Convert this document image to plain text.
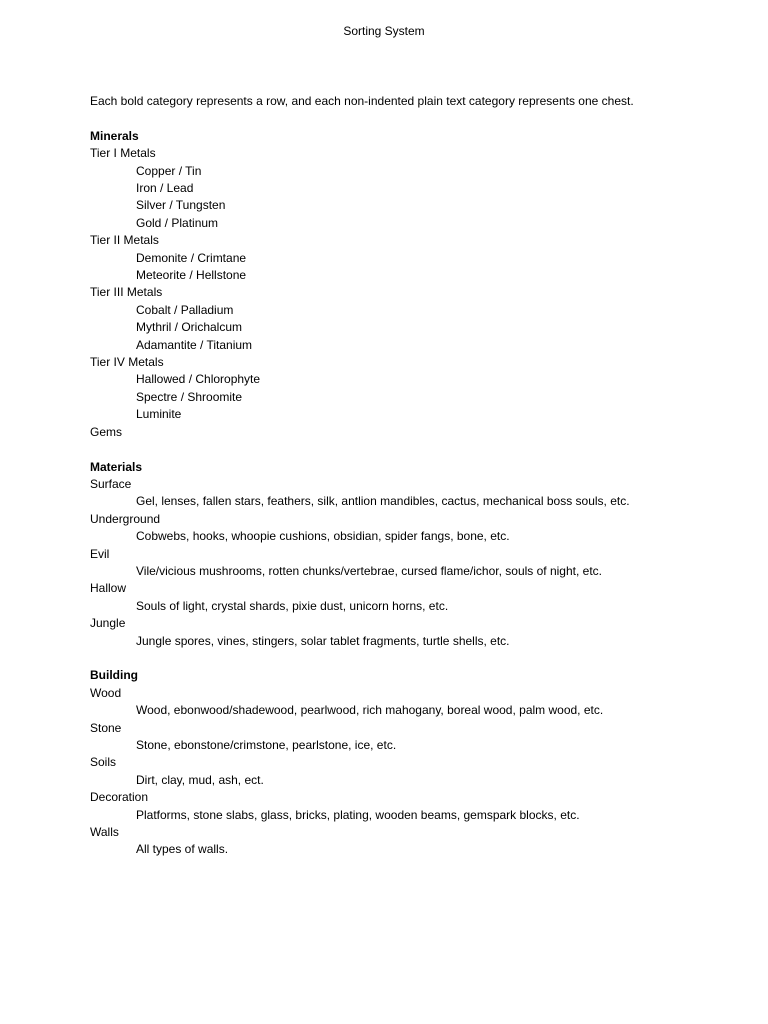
Sorting System

Each bold category represents a row, and each non-indented plain text category represents one chest.

Minerals

Tier I Metals

Copper / Tin

Iron / Lead

Silver / Tungsten

Gold / Platinum

Tier II Metals

Demonite / Crimtane

Meteorite / Hellstone

Tier III Metals

Cobalt / Palladium

Mythril / Orichalcum

Adamantite / Titanium

Tier IV Metals

Hallowed / Chlorophyte

Spectre / Shroomite

Luminite

Gems

Materials

Surface

Gel, lenses, fallen stars, feathers, silk, antlion mandibles, cactus, mechanical boss souls, etc.

Underground

Cobwebs, hooks, whoopie cushions, obsidian, spider fangs, bone, etc.

Evil

Vile/vicious mushrooms, rotten chunks/vertebrae, cursed flame/ichor, souls of night, etc.

Hallow

Souls of light, crystal shards, pixie dust, unicorn horns, etc.

Jungle

Jungle spores, vines, stingers, solar tablet fragments, turtle shells, etc.

Building

Wood

Wood, ebonwood/shadewood, pearlwood, rich mahogany, boreal wood, palm wood, etc.

Stone

Stone, ebonstone/crimstone, pearlstone, ice, etc.

Soils

Dirt, clay, mud, ash, ect.

Decoration

Platforms, stone slabs, glass, bricks, plating, wooden beams, gemspark blocks, etc.

Walls

All types of walls.
